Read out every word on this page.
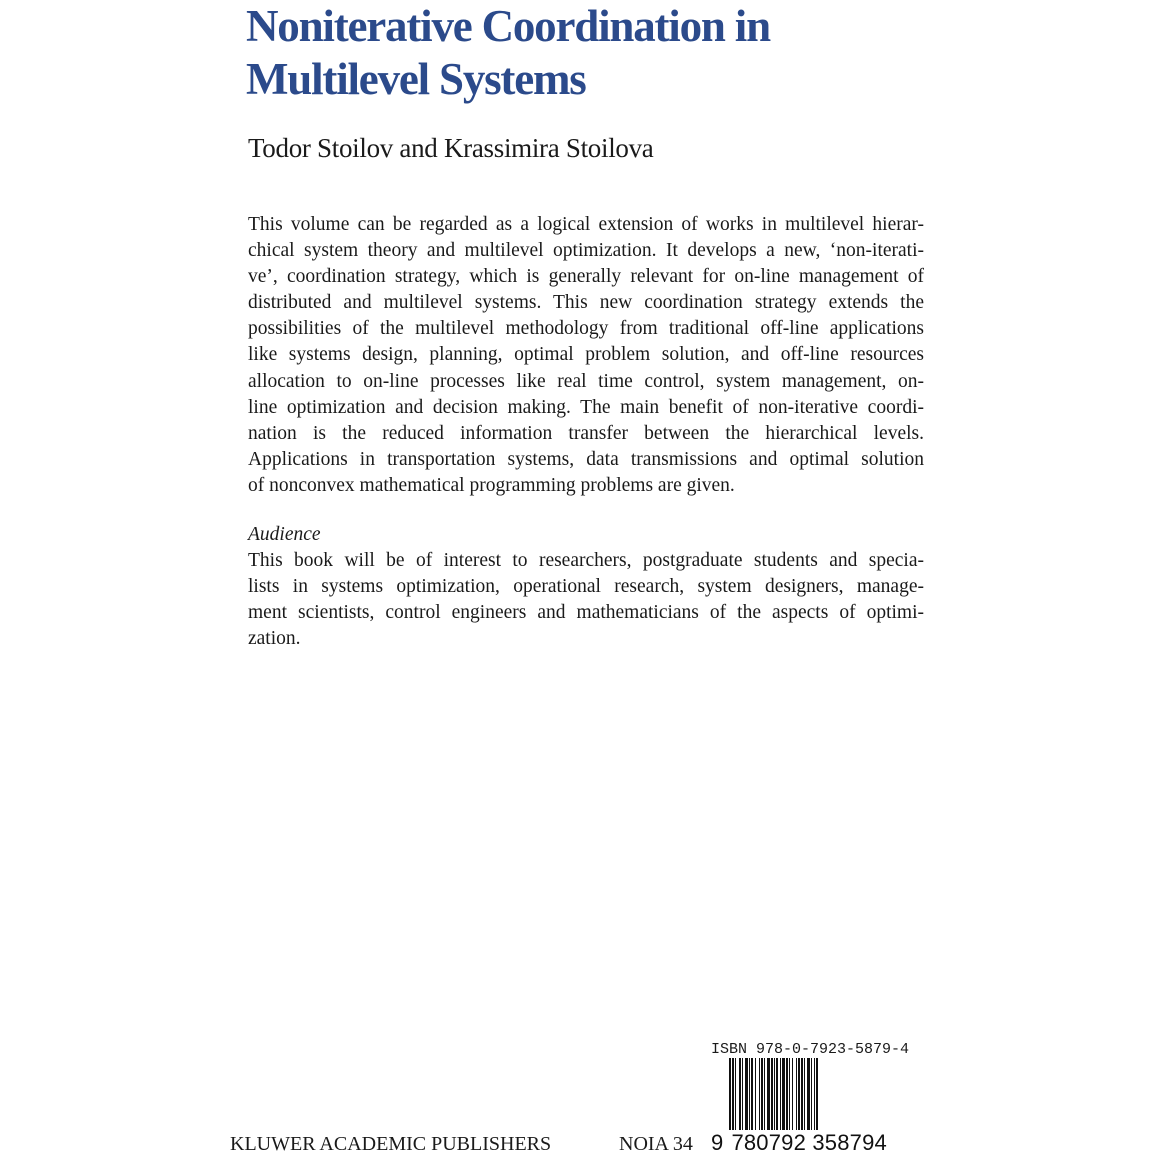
Noniterative Coordination in
Multilevel Systems
Todor Stoilov and Krassimira Stoilova
This volume can be regarded as a logical extension of works in multilevel hierar-
chical system theory and multilevel optimization. It develops a new, ‘non-iterati-
ve’, coordination strategy, which is generally relevant for on-line management of
distributed and multilevel systems. This new coordination strategy extends the
possibilities of the multilevel methodology from traditional off-line applications
like systems design, planning, optimal problem solution, and off-line resources
allocation to on-line processes like real time control, system management, on-
line optimization and decision making. The main benefit of non-iterative coordi-
nation is the reduced information transfer between the hierarchical levels.
Applications in transportation systems, data transmissions and optimal solution
of nonconvex mathematical programming problems are given.
Audience
This book will be of interest to researchers, postgraduate students and specia-
lists in systems optimization, operational research, system designers, manage-
ment scientists, control engineers and mathematicians of the aspects of optimi-
zation.
ISBN 978-0-7923-5879-4
9 780792 358794
KLUWER ACADEMIC PUBLISHERS	NOIA 34
